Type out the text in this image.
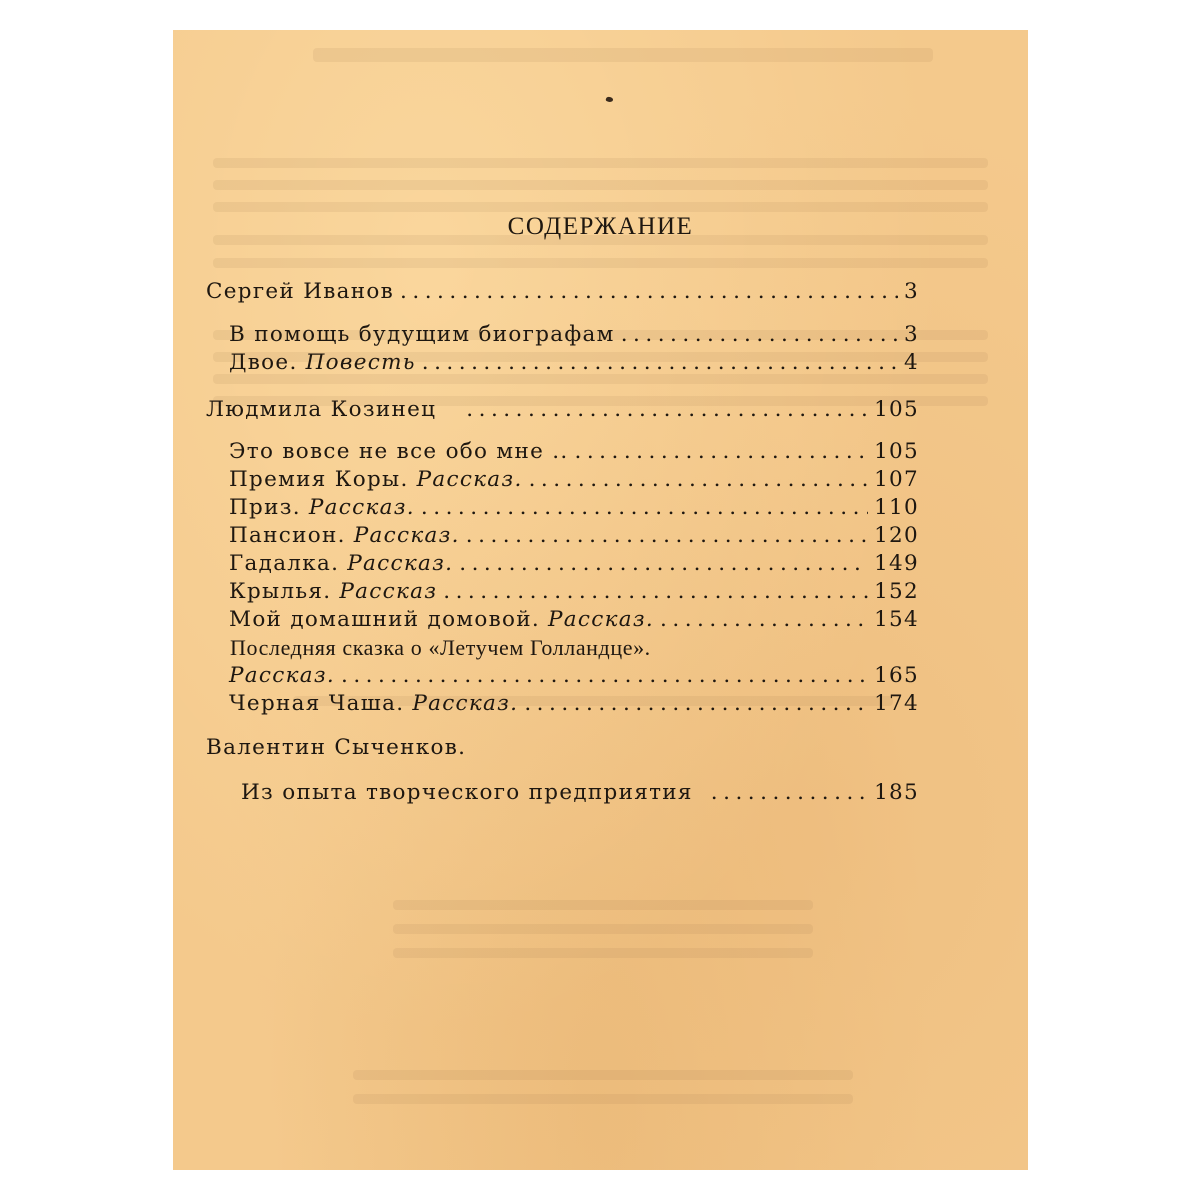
СОДЕРЖАНИЕ
Сергей Иванов .....	3
В помощь будущим биографам .....	3
Двое. Повесть .....	4
Людмила Козинец .....	105
Это вовсе не все обо мне .. .....	105
Премия Коры. Рассказ. .....	107
Приз. Рассказ. .....	110
Пансион. Рассказ. .....	120
Гадалка. Рассказ. .....	149
Крылья. Рассказ .....	152
Мой домашний домовой. Рассказ. .....	154
Последняя сказка о «Летучем Голландце».
Рассказ. .....	165
Черная Чаша. Рассказ. .....	174
Валентин Сыченков.
Из опыта творческого предприятия .....	185
